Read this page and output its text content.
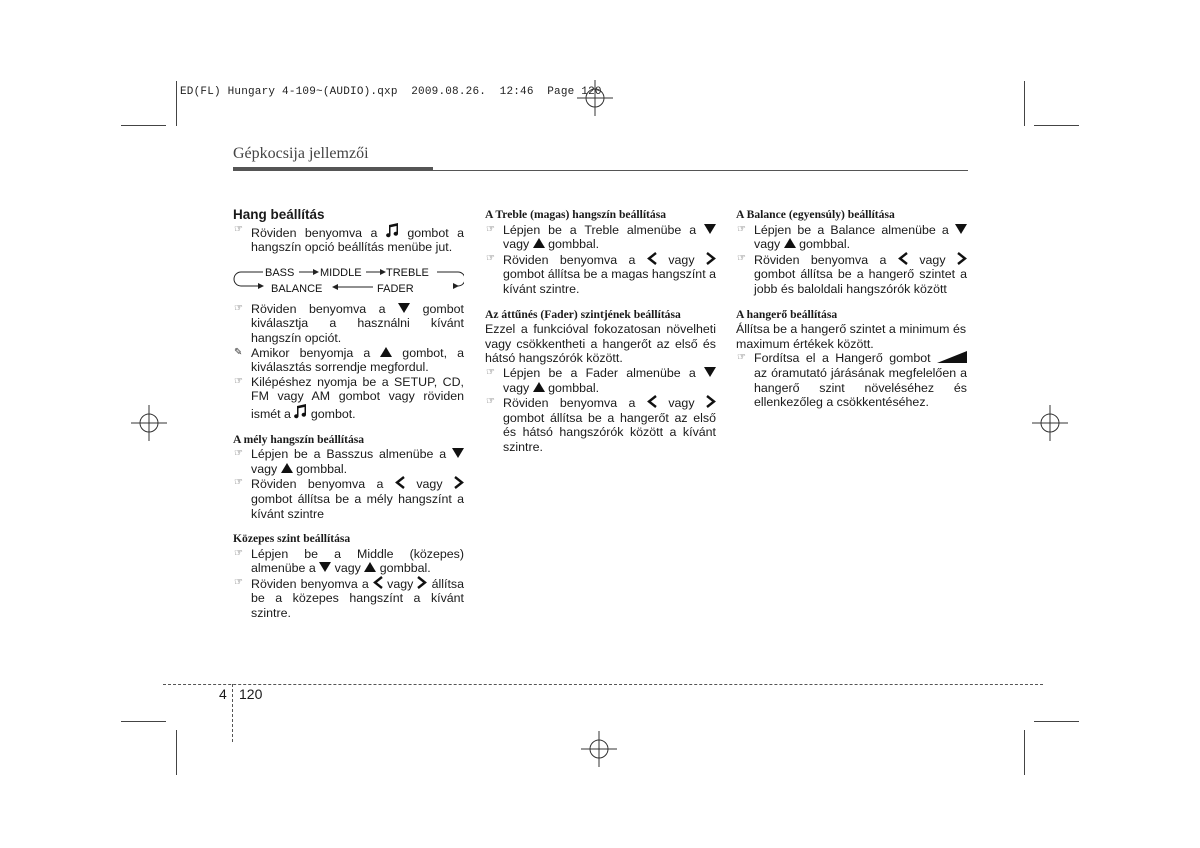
ED(FL) Hungary 4-109~(AUDIO).qxp  2009.08.26.  12:46  Page 120
Gépkocsija jellemzői

Hang beállítás

☞ Röviden benyomva a gombot a hangszín opció beállítás menübe jut.
BASS MIDDLE TREBLE
BALANCE	FADER
☞ Röviden benyomva a	gombot kiválasztja a használni kívánt hangszín opciót.
✎ Amikor benyomja a	gombot, a kiválasztás sorrendje megfordul.
☞ Kilépéshez nyomja be a SETUP, CD, FM vagy AM gombot vagy röviden ismét a gombot.

A mély hangszín beállítása

☞ Lépjen be a Basszus almenübe a  vagy gombbal.
☞ Röviden benyomva a	vagy  gombot állítsa be a mély hangszínt a kívánt szintre

Közepes szint beállítása

☞ Lépjen be a Middle (közepes) almenübe a vagy gombbal.
☞ Röviden benyomva a vagy állítsa be a közepes hangszínt a kívánt szintre.

A Treble (magas) hangszín beállítása

☞ Lépjen be a Treble almenübe a  vagy gombbal.
☞ Röviden benyomva a	vagy  gombot állítsa be a magas hangszínt a kívánt szintre.

Az áttűnés (Fader) szintjének beállítása

Ezzel a funkcióval fokozatosan növelheti vagy csökkentheti a hangerőt az első és hátsó hangszórók között.

☞ Lépjen be a Fader almenübe a  vagy gombbal.
☞ Röviden benyomva a	vagy  gombot állítsa be a hangerőt az első és hátsó hangszórók között a kívánt szintre.

A Balance (egyensúly) beállítása

☞ Lépjen be a Balance almenübe a  vagy gombbal.
☞ Röviden benyomva a	vagy  gombot állítsa be a hangerő szintet a jobb és baloldali hangszórók között

A hangerő beállítása

Állítsa be a hangerő szintet a minimum és maximum értékek között.

☞ Fordítsa el a Hangerő gombot  az óramutató járásának megfelelően a hangerő szint növeléséhez és ellenkezőleg a csökkentéséhez.
4 120
